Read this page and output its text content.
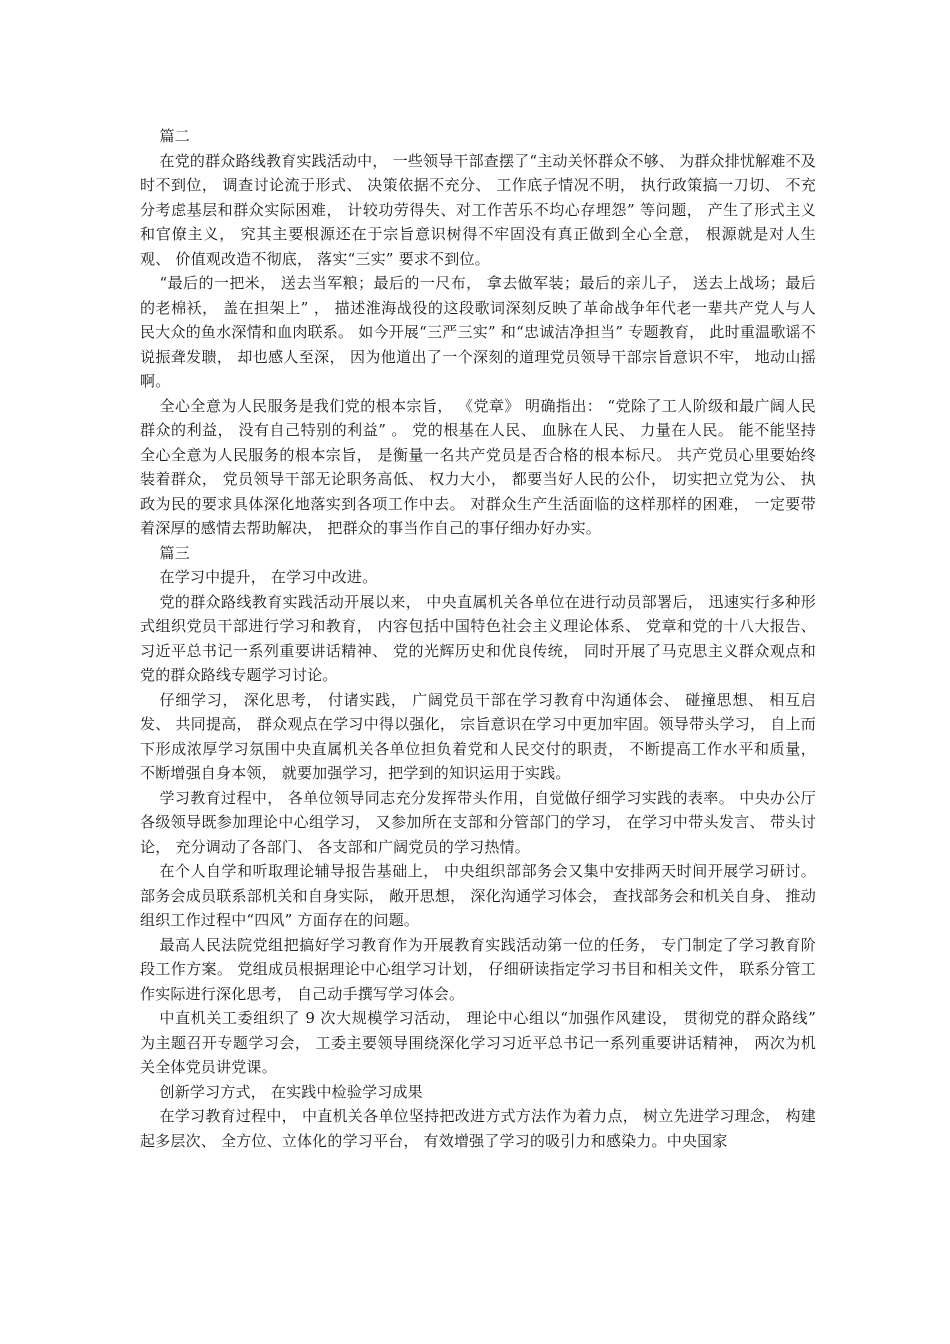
篇二

在党的群众路线教育实践活动中， 一些领导干部查摆了“主动关怀群众不够、 为群众排忧解难不及时不到位， 调查讨论流于形式、 决策依据不充分、 工作底子情况不明， 执行政策搞一刀切、 不充分考虑基层和群众实际困难， 计较功劳得失、对工作苦乐不均心存埋怨” 等问题， 产生了形式主义和官僚主义， 究其主要根源还在于宗旨意识树得不牢固没有真正做到全心全意， 根源就是对人生观、 价值观改造不彻底， 落实“三实” 要求不到位。

“最后的一把米， 送去当军粮；最后的一尺布， 拿去做军装；最后的亲儿子， 送去上战场；最后的老棉袄， 盖在担架上” ， 描述淮海战役的这段歌词深刻反映了革命战争年代老一辈共产党人与人民大众的鱼水深情和血肉联系。 如今开展“三严三实” 和“忠诚洁净担当” 专题教育， 此时重温歌谣不说振聋发聩， 却也感人至深， 因为他道出了一个深刻的道理党员领导干部宗旨意识不牢， 地动山摇啊。

全心全意为人民服务是我们党的根本宗旨， 《党章》 明确指出： “党除了工人阶级和最广阔人民群众的利益， 没有自己特别的利益” 。 党的根基在人民、 血脉在人民、 力量在人民。 能不能坚持全心全意为人民服务的根本宗旨， 是衡量一名共产党员是否合格的根本标尺。 共产党员心里要始终装着群众， 党员领导干部无论职务高低、 权力大小， 都要当好人民的公仆， 切实把立党为公、 执政为民的要求具体深化地落实到各项工作中去。 对群众生产生活面临的这样那样的困难， 一定要带着深厚的感情去帮助解决， 把群众的事当作自己的事仔细办好办实。

篇三

在学习中提升， 在学习中改进。

党的群众路线教育实践活动开展以来， 中央直属机关各单位在进行动员部署后， 迅速实行多种形式组织党员干部进行学习和教育， 内容包括中国特色社会主义理论体系、 党章和党的十八大报告、 习近平总书记一系列重要讲话精神、 党的光辉历史和优良传统， 同时开展了马克思主义群众观点和党的群众路线专题学习讨论。

仔细学习， 深化思考， 付诸实践， 广阔党员干部在学习教育中沟通体会、 碰撞思想、 相互启发、 共同提高， 群众观点在学习中得以强化， 宗旨意识在学习中更加牢固。领导带头学习， 自上而下形成浓厚学习氛围中央直属机关各单位担负着党和人民交付的职责， 不断提高工作水平和质量， 不断增强自身本领， 就要加强学习，把学到的知识运用于实践。

学习教育过程中， 各单位领导同志充分发挥带头作用，自觉做仔细学习实践的表率。 中央办公厅各级领导既参加理论中心组学习， 又参加所在支部和分管部门的学习， 在学习中带头发言、 带头讨论， 充分调动了各部门、 各支部和广阔党员的学习热情。

在个人自学和听取理论辅导报告基础上， 中央组织部部务会又集中安排两天时间开展学习研讨。 部务会成员联系部机关和自身实际， 敞开思想， 深化沟通学习体会， 查找部务会和机关自身、 推动组织工作过程中“四风” 方面存在的问题。

最高人民法院党组把搞好学习教育作为开展教育实践活动第一位的任务， 专门制定了学习教育阶段工作方案。 党组成员根据理论中心组学习计划， 仔细研读指定学习书目和相关文件， 联系分管工作实际进行深化思考， 自己动手撰写学习体会。

中直机关工委组织了 9 次大规模学习活动， 理论中心组以“加强作风建设， 贯彻党的群众路线” 为主题召开专题学习会， 工委主要领导围绕深化学习习近平总书记一系列重要讲话精神， 两次为机关全体党员讲党课。

创新学习方式， 在实践中检验学习成果

在学习教育过程中， 中直机关各单位坚持把改进方式方法作为着力点， 树立先进学习理念， 构建起多层次、 全方位、立体化的学习平台， 有效增强了学习的吸引力和感染力。中央国家
